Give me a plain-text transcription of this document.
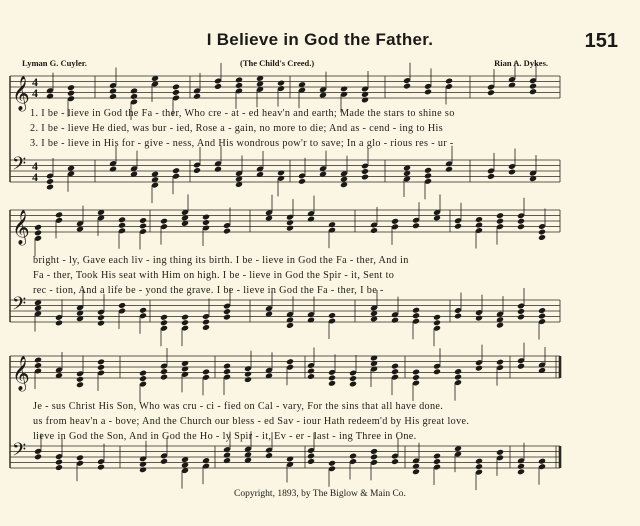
I Believe in God the Father.	151
Lyman G. Cuyler.	(The Child's Creed.)	Rian A. Dykes.
𝄞 4
4
𝄢 4
4
𝄞
𝄢
𝄞
𝄢
1. I be - lieve in God the Fa - ther, Who cre - at - ed heav'n and earth; Made the stars to shine so
2. I be - lieve He died, was bur - ied, Rose a - gain, no more to die; And as - cend - ing to His
3. I be - lieve in His for - give - ness, And His wondrous pow'r to save; In a glo - rious res - ur -
bright - ly, Gave each liv - ing thing its birth. I be - lieve in God the Fa - ther, And in
Fa - ther, Took His seat with Him on high. I be - lieve in God the Spir - it, Sent to
rec - tion, And a life be - yond the grave. I be - lieve in God the Fa - ther, I be -
Je - sus Christ His Son, Who was cru - ci - fied on Cal - vary, For the sins that all have done.
us from heav'n a - bove; And the Church our bless - ed Sav - iour Hath redeem'd by His great love.
lieve in God the Son, And in God the Ho - ly Spir - it, Ev - er - last - ing Three in One.
Copyright, 1893, by The Biglow & Main Co.
